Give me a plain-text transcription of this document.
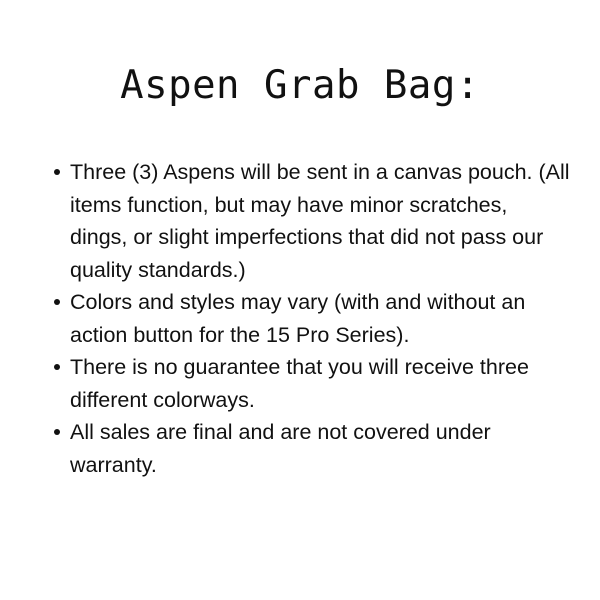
Aspen Grab Bag:
Three (3) Aspens will be sent in a canvas pouch. (All items function, but may have minor scratches, dings, or slight imperfections that did not pass our quality standards.)
Colors and styles may vary (with and without an action button for the 15 Pro Series).
There is no guarantee that you will receive three different colorways.
All sales are final and are not covered under warranty.
